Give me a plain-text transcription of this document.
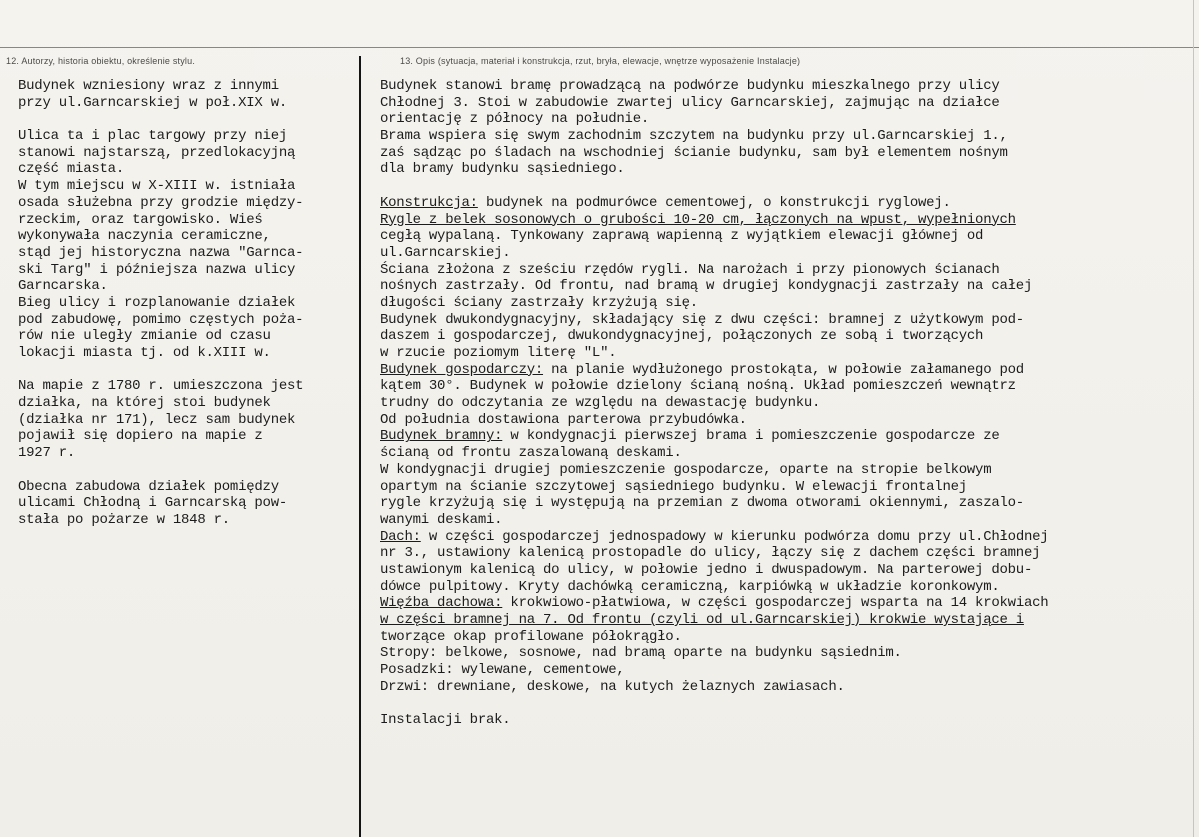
12. Autorzy, historia obiektu, określenie stylu.	13. Opis (sytuacja, materiał i konstrukcja, rzut, bryła, elewacje, wnętrze wyposażenie Instalacje)
Budynek wzniesiony wraz z innymi
przy ul.Garncarskiej w poł.XIX w.
Ulica ta i plac targowy przy niej
stanowi najstarszą, przedlokacyjną
część miasta.
W tym miejscu w X-XIII w. istniała
osada służebna przy grodzie między-
rzeckim, oraz targowisko. Wieś
wykonywała naczynia ceramiczne,
stąd jej historyczna nazwa "Garnca-
ski Targ" i późniejsza nazwa ulicy
Garncarska.
Bieg ulicy i rozplanowanie działek
pod zabudowę, pomimo częstych poża-
rów nie uległy zmianie od czasu
lokacji miasta tj. od k.XIII w.
Na mapie z 1780 r. umieszczona jest
działka, na której stoi budynek
(działka nr 171), lecz sam budynek
pojawił się dopiero na mapie z
1927 r.
Obecna zabudowa działek pomiędzy
ulicami Chłodną i Garncarską pow-
stała po pożarze w 1848 r.
Budynek stanowi bramę prowadzącą na podwórze budynku mieszkalnego przy ulicy
Chłodnej 3. Stoi w zabudowie zwartej ulicy Garncarskiej, zajmując na działce
orientację z północy na południe.
Brama wspiera się swym zachodnim szczytem na budynku przy ul.Garncarskiej 1.,
zaś sądząc po śladach na wschodniej ścianie budynku, sam był elementem nośnym
dla bramy budynku sąsiedniego.
Konstrukcja: budynek na podmurówce cementowej, o konstrukcji ryglowej.
Rygle z belek sosonowych o grubości 10-20 cm, łączonych na wpust, wypełnionych
cegłą wypalaną. Tynkowany zaprawą wapienną z wyjątkiem elewacji głównej od
ul.Garncarskiej.
Ściana złożona z sześciu rzędów rygli. Na narożach i przy pionowych ścianach
nośnych zastrzały. Od frontu, nad bramą w drugiej kondygnacji zastrzały na całej
długości ściany zastrzały krzyżują się.
Budynek dwukondygnacyjny, składający się z dwu części: bramnej z użytkowym pod-
daszem i gospodarczej, dwukondygnacyjnej, połączonych ze sobą i tworzących
w rzucie poziomym literę "L".
Budynek gospodarczy: na planie wydłużonego prostokąta, w połowie załamanego pod
kątem 30°. Budynek w połowie dzielony ścianą nośną. Układ pomieszczeń wewnątrz
trudny do odczytania ze względu na dewastację budynku.
Od południa dostawiona parterowa przybudówka.
Budynek bramny: w kondygnacji pierwszej brama i pomieszczenie gospodarcze ze
ścianą od frontu zaszalowaną deskami.
W kondygnacji drugiej pomieszczenie gospodarcze, oparte na stropie belkowym
opartym na ścianie szczytowej sąsiedniego budynku. W elewacji frontalnej
rygle krzyżują się i występują na przemian z dwoma otworami okiennymi, zaszalo-
wanymi deskami.
Dach: w części gospodarczej jednospadowy w kierunku podwórza domu przy ul.Chłodnej
nr 3., ustawiony kalenicą prostopadle do ulicy, łączy się z dachem części bramnej
ustawionym kalenicą do ulicy, w połowie jedno i dwuspadowym. Na parterowej dobu-
dówce pulpitowy. Kryty dachówką ceramiczną, karpiówką w układzie koronkowym.
Więźba dachowa: krokwiowo-płatwiowa, w części gospodarczej wsparta na 14 krokwiach
w części bramnej na 7. Od frontu (czyli od ul.Garncarskiej) krokwie wystające i
tworzące okap profilowane półokrągło.
Stropy: belkowe, sosnowe, nad bramą oparte na budynku sąsiednim.
Posadzki: wylewane, cementowe,
Drzwi: drewniane, deskowe, na kutych żelaznych zawiasach.
Instalacji brak.
